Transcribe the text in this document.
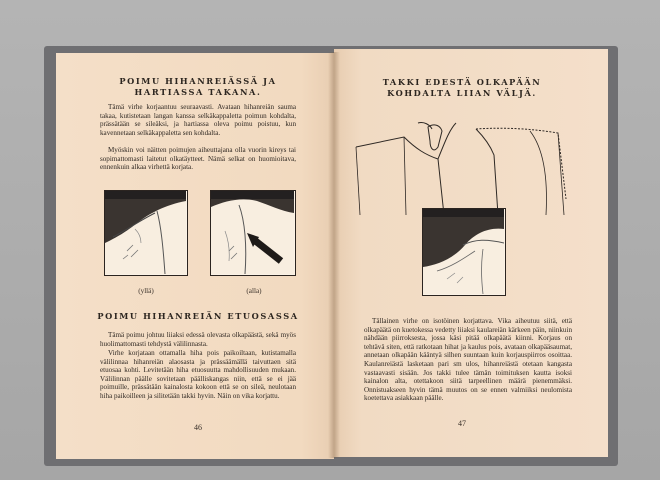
POIMU HIHANREIÄSSÄ JA HARTIASSA TAKANA.

Tämä virhe korjaantuu seuraavasti. Avataan hihanreiän sauma takaa, kutistetaan langan kanssa selkäkappaletta poimun kohdalta, prässätään se sileäksi, ja hartiassa oleva poimu poistuu, kun kavennetaan selkäkappaletta sen kohdalta.

Myöskin voi näitten poimujen aiheuttajana olla vuorin kireys tai sopimattomasti laitetut olkatäytteet. Nämä selkat on huomioitava, ennenkuin alkaa virhettä korjata.

(yllä)	(alla)
POIMU HIHANREIÄN ETUOSASSA

Tämä poimu johtuu liiaksi edessä olevasta olkapäästä, sekä myös huolimattomasti tehdystä välilinnasta.

Virhe korjataan ottamalla hiha pois paikoiltaan, kutistamalla välilinnaa hihanreiän alaosasta ja prässäämällä taivuttaen sitä etuosaa kohti. Levitetään hiha etuosuutta mahdollisuuden mukaan. Välilinnan päälle sovitetaan päälliskangas niin, että se ei jää poimuille, prässätään kainalosta kokoon että se on sileä, neulotaan hiha paikoilleen ja silitetään takki hyvin. Näin on vika korjattu.

46
TAKKI EDESTÄ OLKAPÄÄN KOHDALTA LIIAN VÄLJÄ.

Tällainen virhe on isotöinen korjattava. Vika aiheutuu siitä, että olkapäätä on kuetokessa vedetty liiaksi kaulareiän kärkeen päin, niinkuin nähdään piirroksesta, jossa käsi pitää olkapäätä kiinni. Korjaus on tehtävä siten, että ratkotaan hihat ja kaulus pois, avataan olkapääsaumat, annetaan olkapään kääntyä silhen suuntaan kuin korjauspiirros osoittaa. Kaulanreiästä lasketaan pari sm ulos, hihanreiästä otetaan kangasta vastaavasti sisään. Jos takki tulee tämän toimituksen kautta isoksi kainalon alta, otettakoon siitä tarpeellinen määrä pienemmäksi. Onnistuakseen hyvin tämä muutos on se ennen valmiiksi neulomista koetettava asiakkaan päälle.

47
